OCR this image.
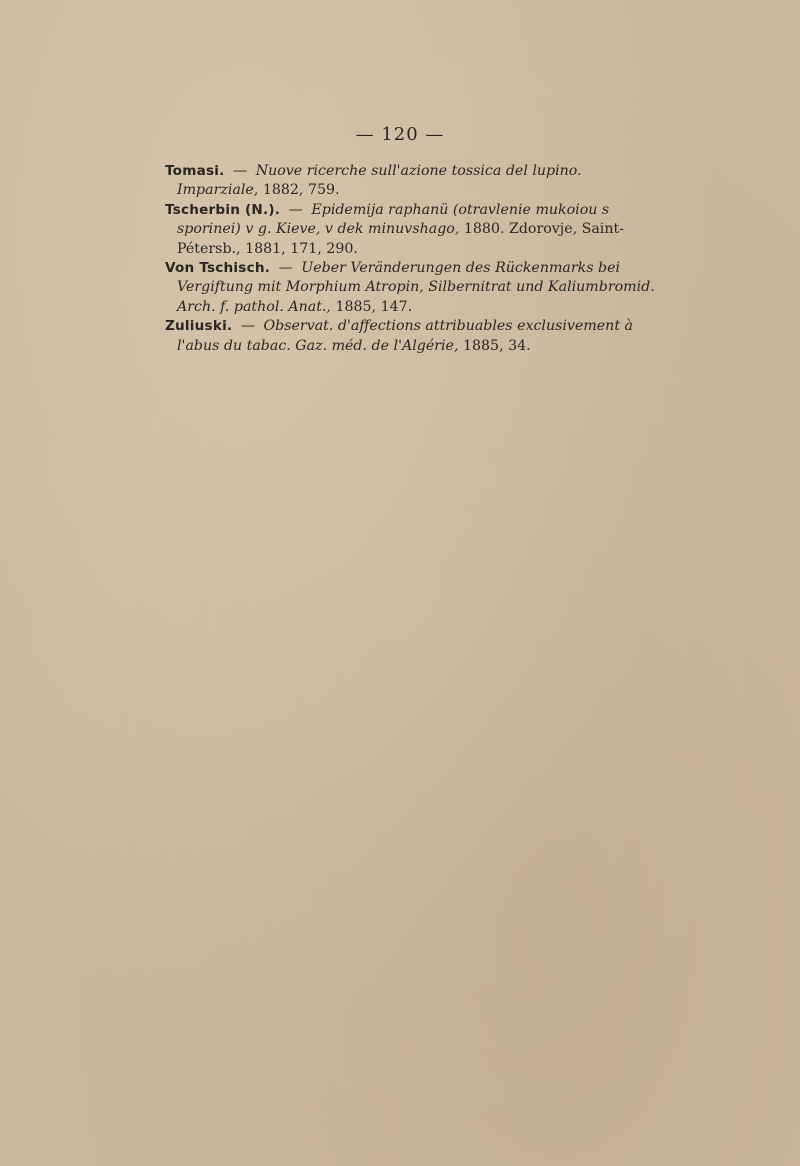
— 120 —

Tomasi. — Nuove ricerche sull'azione tossica del lupino. Imparziale, 1882, 759.

Tscherbin (N.). — Epidemija raphanü (otravlenie mukoiou s sporinei) v g. Kieve, v dek minuvshago, 1880. Zdorovje, Saint-Pétersb., 1881, 171, 290.

Von Tschisch. — Ueber Veränderungen des Rückenmarks bei Vergiftung mit Morphium Atropin, Silbernitrat und Kaliumbromid. Arch. f. pathol. Anat., 1885, 147.

Zuliuski. — Observat. d'affections attribuables exclusivement à l'abus du tabac. Gaz. méd. de l'Algérie, 1885, 34.
